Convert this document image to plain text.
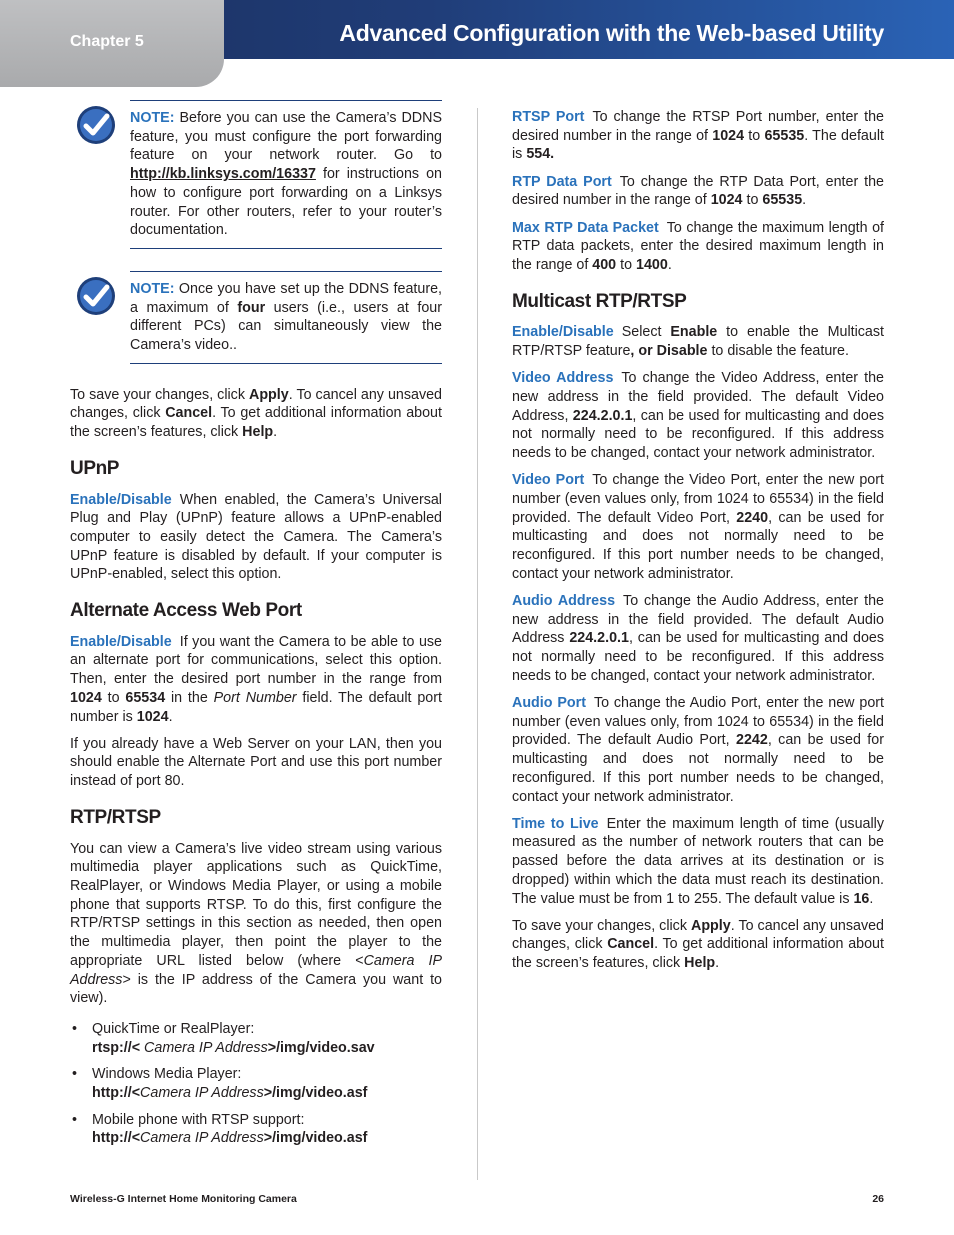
Chapter 5	Advanced Configuration with the Web-based Utility

NOTE: Before you can use the Camera’s DDNS feature, you must configure the port forwarding feature on your network router. Go to http://kb.linksys.com/16337 for instructions on how to configure port forwarding on a Linksys router. For other routers, refer to your router’s documentation.

NOTE: Once you have set up the DDNS feature, a maximum of four users (i.e., users at four different PCs) can simultaneously view the Camera’s video..

To save your changes, click Apply. To cancel any unsaved changes, click Cancel. To get additional information about the screen’s features, click Help.

UPnP

Enable/Disable When enabled, the Camera’s Universal Plug and Play (UPnP) feature allows a UPnP-enabled computer to easily detect the Camera. The Camera’s UPnP feature is disabled by default. If your computer is UPnP-enabled, select this option.

Alternate Access Web Port

Enable/Disable If you want the Camera to be able to use an alternate port for communications, select this option. Then, enter the desired port number in the range from 1024 to 65534 in the Port Number field. The default port number is 1024.

If you already have a Web Server on your LAN, then you should enable the Alternate Port and use this port number instead of port 80.

RTP/RTSP

You can view a Camera’s live video stream using various multimedia player applications such as QuickTime, RealPlayer, or Windows Media Player, or using a mobile phone that supports RTSP. To do this, first configure the RTP/RTSP settings in this section as needed, then open the multimedia player, then point the player to the appropriate URL listed below (where <Camera IP Address> is the IP address of the Camera you want to view).

• QuickTime or RealPlayer:
rtsp://< Camera IP Address>/img/video.sav
• Windows Media Player:
http://<Camera IP Address>/img/video.asf
• Mobile phone with RTSP support:
http://<Camera IP Address>/img/video.asf

RTSP Port To change the RTSP Port number, enter the desired number in the range of 1024 to 65535. The default is 554.

RTP Data Port To change the RTP Data Port, enter the desired number in the range of 1024 to 65535.

Max RTP Data Packet To change the maximum length of RTP data packets, enter the desired maximum length in the range of 400 to 1400.

Multicast RTP/RTSP

Enable/Disable Select Enable to enable the Multicast RTP/RTSP feature, or Disable to disable the feature.

Video Address To change the Video Address, enter the new address in the field provided. The default Video Address, 224.2.0.1, can be used for multicasting and does not normally need to be reconfigured. If this address needs to be changed, contact your network administrator.

Video Port To change the Video Port, enter the new port number (even values only, from 1024 to 65534) in the field provided. The default Video Port, 2240, can be used for multicasting and does not normally need to be reconfigured. If this port number needs to be changed, contact your network administrator.

Audio Address To change the Audio Address, enter the new address in the field provided. The default Audio Address 224.2.0.1, can be used for multicasting and does not normally need to be reconfigured. If this address needs to be changed, contact your network administrator.

Audio Port To change the Audio Port, enter the new port number (even values only, from 1024 to 65534) in the field provided. The default Audio Port, 2242, can be used for multicasting and does not normally need to be reconfigured. If this port number needs to be changed, contact your network administrator.

Time to Live Enter the maximum length of time (usually measured as the number of network routers that can be passed before the data arrives at its destination or is dropped) within which the data must reach its destination. The value must be from 1 to 255. The default value is 16.

To save your changes, click Apply. To cancel any unsaved changes, click Cancel. To get additional information about the screen’s features, click Help.

Wireless-G Internet Home Monitoring Camera	26
